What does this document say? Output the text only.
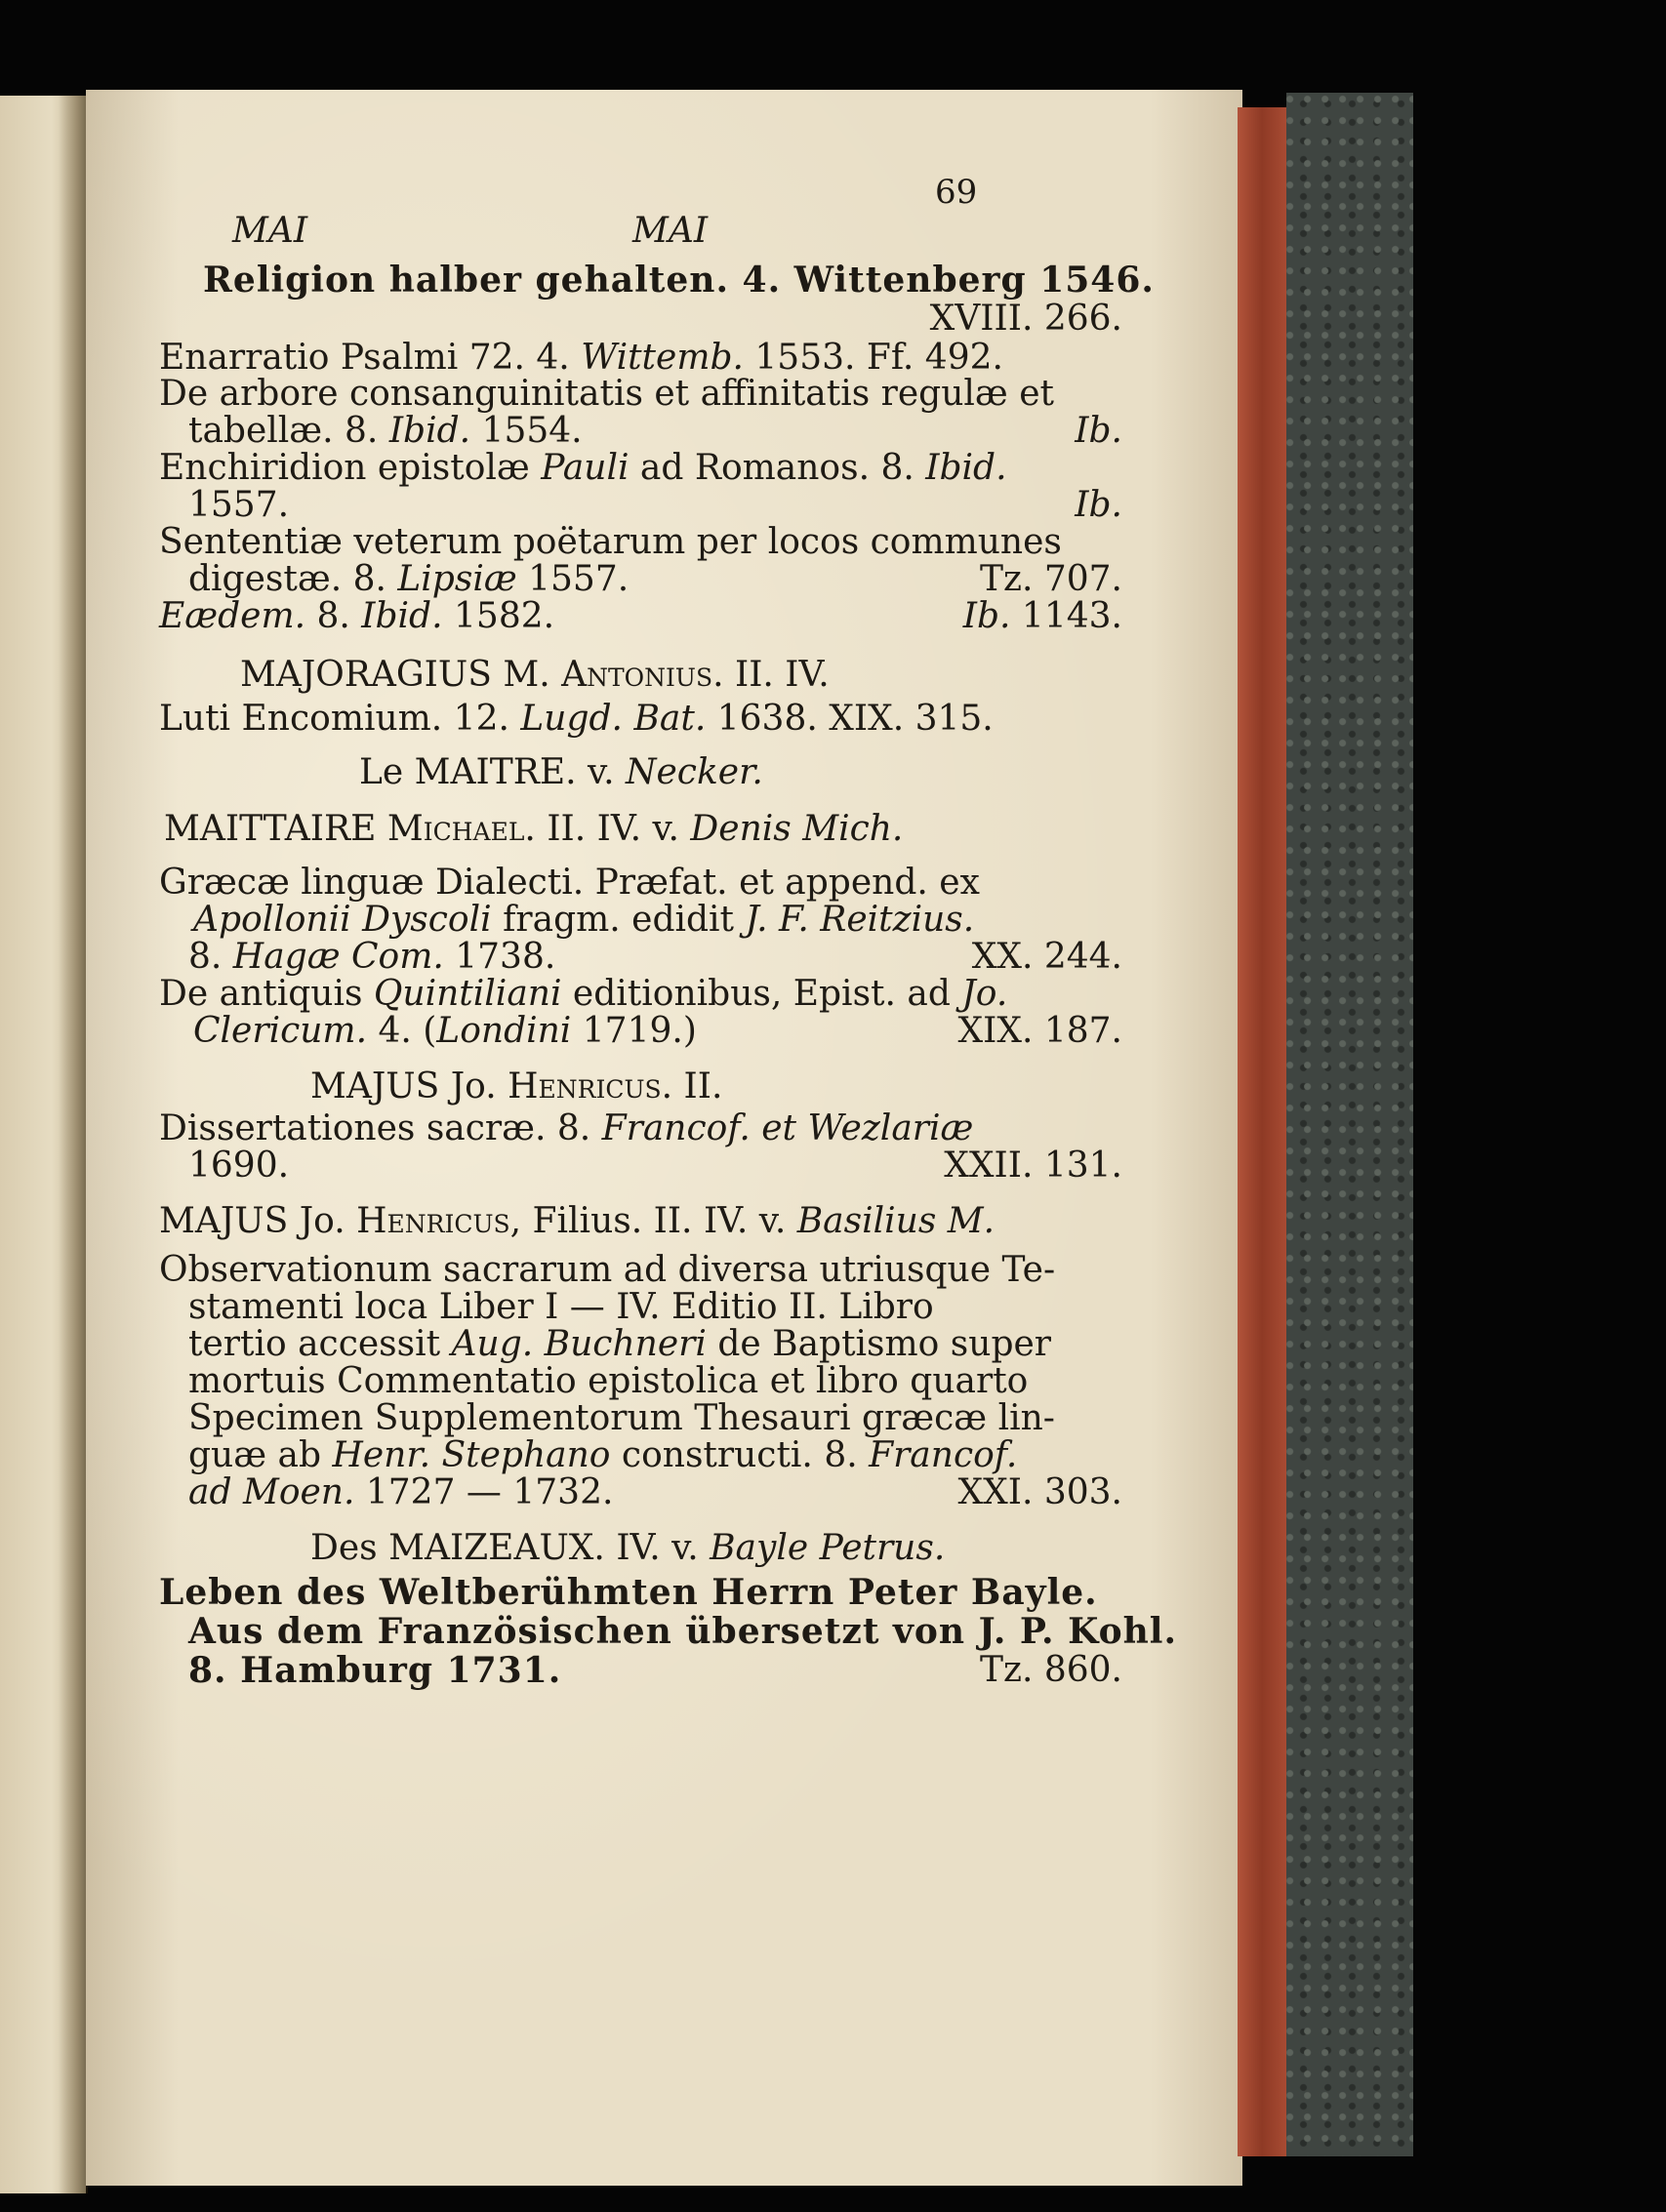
69
MAI	MAI
Religion halber gehalten. 4. Wittenberg 1546.
XVIII. 266.
Enarratio Psalmi 72. 4. Wittemb. 1553. Ff. 492.
De arbore consanguinitatis et affinitatis regulæ et
tabellæ. 8. Ibid. 1554.	Ib.
Enchiridion epistolæ Pauli ad Romanos. 8. Ibid.
1557.	Ib.
Sententiæ veterum poëtarum per locos communes
digestæ. 8. Lipsiæ 1557.	Tz. 707.
Eædem. 8. Ibid. 1582.	Ib. 1143.
MAJORAGIUS M. Antonius. II. IV.
Luti Encomium. 12. Lugd. Bat. 1638. XIX. 315.
Le MAITRE. v. Necker.
MAITTAIRE Michael. II. IV. v. Denis Mich.
Græcæ linguæ Dialecti. Præfat. et append. ex
Apollonii Dyscoli fragm. edidit J. F. Reitzius.
8. Hagæ Com. 1738.	XX. 244.
De antiquis Quintiliani editionibus, Epist. ad Jo.
Clericum. 4. (Londini 1719.)	XIX. 187.
MAJUS Jo. Henricus. II.
Dissertationes sacræ. 8. Francof. et Wezlariæ
1690.	XXII. 131.
MAJUS Jo. Henricus, Filius. II. IV. v. Basilius M.
Observationum sacrarum ad diversa utriusque Te-
stamenti loca Liber I — IV. Editio II. Libro
tertio accessit Aug. Buchneri de Baptismo super
mortuis Commentatio epistolica et libro quarto
Specimen Supplementorum Thesauri græcæ lin-
guæ ab Henr. Stephano constructi. 8. Francof.
ad Moen. 1727 — 1732.	XXI. 303.
Des MAIZEAUX. IV. v. Bayle Petrus.
Leben des Weltberühmten Herrn Peter Bayle.
Aus dem Französischen übersetzt von J. P. Kohl.
8. Hamburg 1731.	Tz. 860.
